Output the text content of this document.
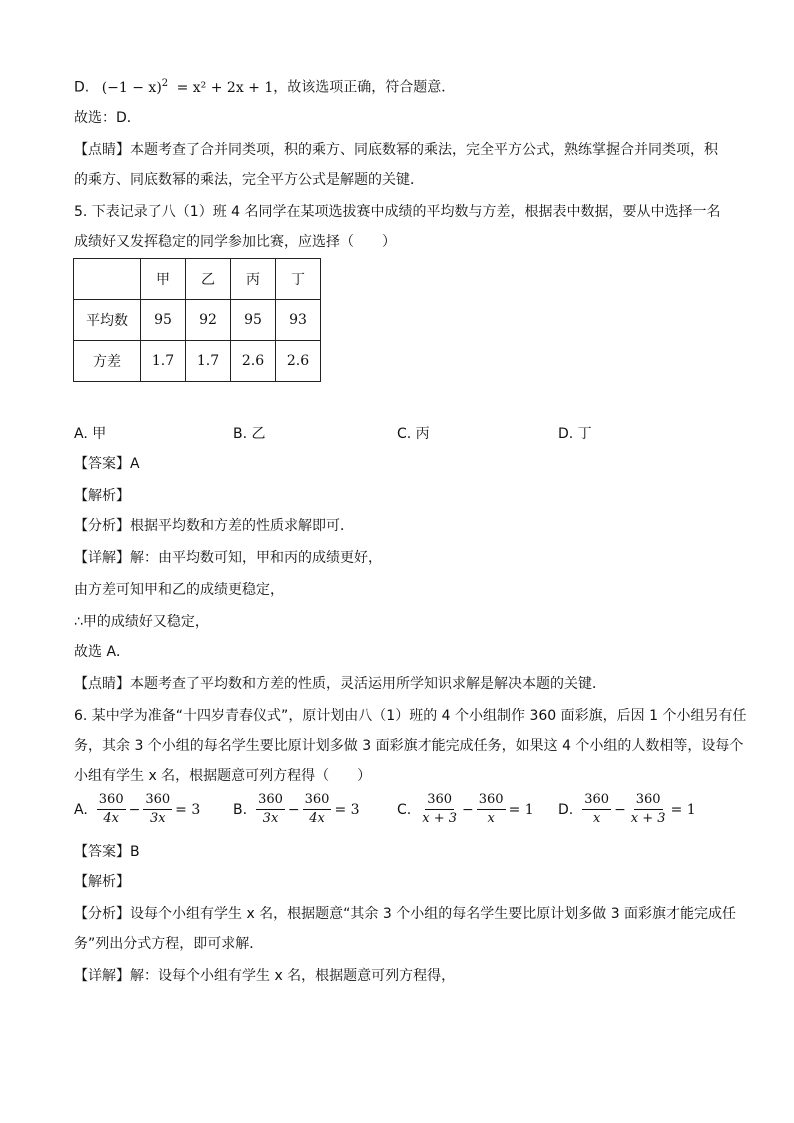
D. $(-1 - x)^2 = x^2 + 2x + 1$，故该选项正确，符合题意．
故选：D．
【点睛】本题考查了合并同类项，积的乘方、同底数幂的乘法，完全平方公式，熟练掌握合并同类项，积
的乘方、同底数幂的乘法，完全平方公式是解题的关键．
5. 下表记录了八（1）班 4 名同学在某项选拔赛中成绩的平均数与方差，根据表中数据，要从中选择一名
成绩好又发挥稳定的同学参加比赛，应选择（　　）
	甲	乙	丙	丁
平均数	95	92	95	93
方差	1.7	1.7	2.6	2.6
A. 甲	B. 乙	C. 丙	D. 丁
【答案】A
【解析】
【分析】根据平均数和方差的性质求解即可．
【详解】解：由平均数可知，甲和丙的成绩更好，
由方差可知甲和乙的成绩更稳定，
∴甲的成绩好又稳定，
故选 A．
【点睛】本题考查了平均数和方差的性质，灵活运用所学知识求解是解决本题的关键．
6. 某中学为准备“十四岁青春仪式”，原计划由八（1）班的 4 个小组制作 360 面彩旗，后因 1 个小组另有任
务，其余 3 个小组的每名学生要比原计划多做 3 面彩旗才能完成任务，如果这 4 个小组的人数相等，设每个
小组有学生 x 名，根据题意可列方程得（　　）
A. $\frac{360}{4x} - \frac{360}{3x} = 3$ B. $\frac{360}{3x} - \frac{360}{4x} = 3$	C. $\frac{360}{x + 3} - \frac{360}{x} = 1$ D. $\frac{360}{x} - \frac{360}{x + 3} = 1$
【答案】B
【解析】
【分析】设每个小组有学生 x 名，根据题意“其余 3 个小组的每名学生要比原计划多做 3 面彩旗才能完成任
务”列出分式方程，即可求解．
【详解】解：设每个小组有学生 x 名，根据题意可列方程得，
